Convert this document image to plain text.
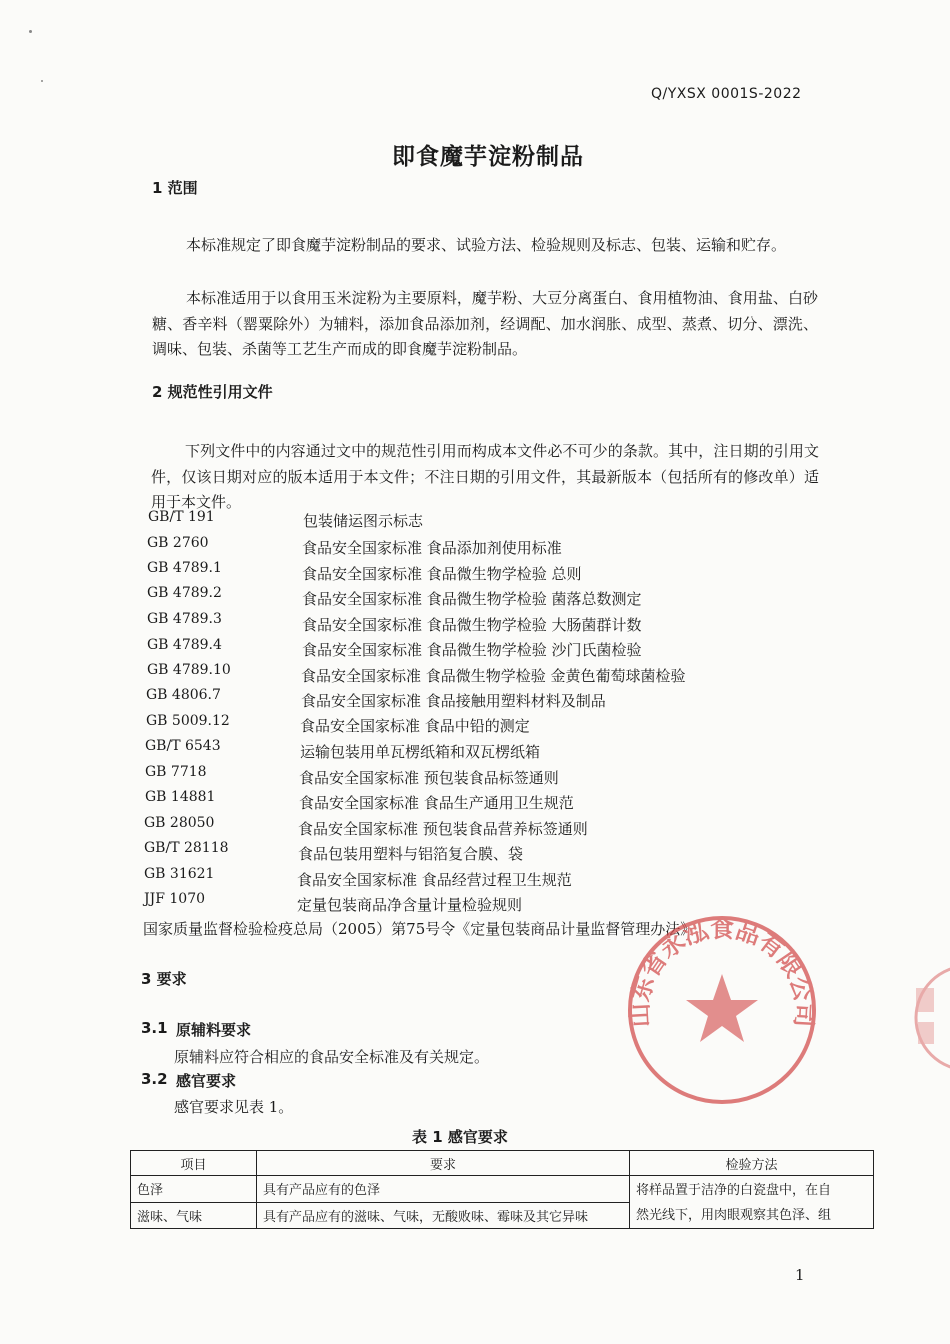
Q/YXSX 0001S-2022
即食魔芋淀粉制品
1 范围
本标准规定了即食魔芋淀粉制品的要求、试验方法、检验规则及标志、包装、运输和贮存。
本标准适用于以食用玉米淀粉为主要原料，魔芋粉、大豆分离蛋白、食用植物油、食用盐、白砂糖、香辛料（罂粟除外）为辅料，添加食品添加剂，经调配、加水润胀、成型、蒸煮、切分、漂洗、调味、包装、杀菌等工艺生产而成的即食魔芋淀粉制品。
2 规范性引用文件
下列文件中的内容通过文中的规范性引用而构成本文件必不可少的条款。其中，注日期的引用文件，仅该日期对应的版本适用于本文件；不注日期的引用文件，其最新版本（包括所有的修改单）适用于本文件。
GB/T 191	包装储运图示标志
GB 2760	食品安全国家标准 食品添加剂使用标准
GB 4789.1	食品安全国家标准 食品微生物学检验 总则
GB 4789.2	食品安全国家标准 食品微生物学检验 菌落总数测定
GB 4789.3	食品安全国家标准 食品微生物学检验 大肠菌群计数
GB 4789.4	食品安全国家标准 食品微生物学检验 沙门氏菌检验
GB 4789.10	食品安全国家标准 食品微生物学检验 金黄色葡萄球菌检验
GB 4806.7	食品安全国家标准 食品接触用塑料材料及制品
GB 5009.12	食品安全国家标准 食品中铅的测定
GB/T 6543	运输包装用单瓦楞纸箱和双瓦楞纸箱
GB 7718	食品安全国家标准 预包装食品标签通则
GB 14881	食品安全国家标准 食品生产通用卫生规范
GB 28050	食品安全国家标准 预包装食品营养标签通则
GB/T 28118	食品包装用塑料与铝箔复合膜、袋
GB 31621	食品安全国家标准 食品经营过程卫生规范
JJF 1070	定量包装商品净含量计量检验规则
国家质量监督检验检疫总局（2005）第75号令《定量包装商品计量监督管理办法》
3 要求
3.1 原辅料要求
原辅料应符合相应的食品安全标准及有关规定。
3.2 感官要求
感官要求见表 1。
表 1 感官要求
项目	要求	检验方法
色泽	具有产品应有的色泽	将样品置于洁净的白瓷盘中，在自
然光线下，用肉眼观察其色泽、组

滋味、气味	具有产品应有的滋味、气味，无酸败味、霉味及其它异味	
山东省永泓食品有限公司
1
